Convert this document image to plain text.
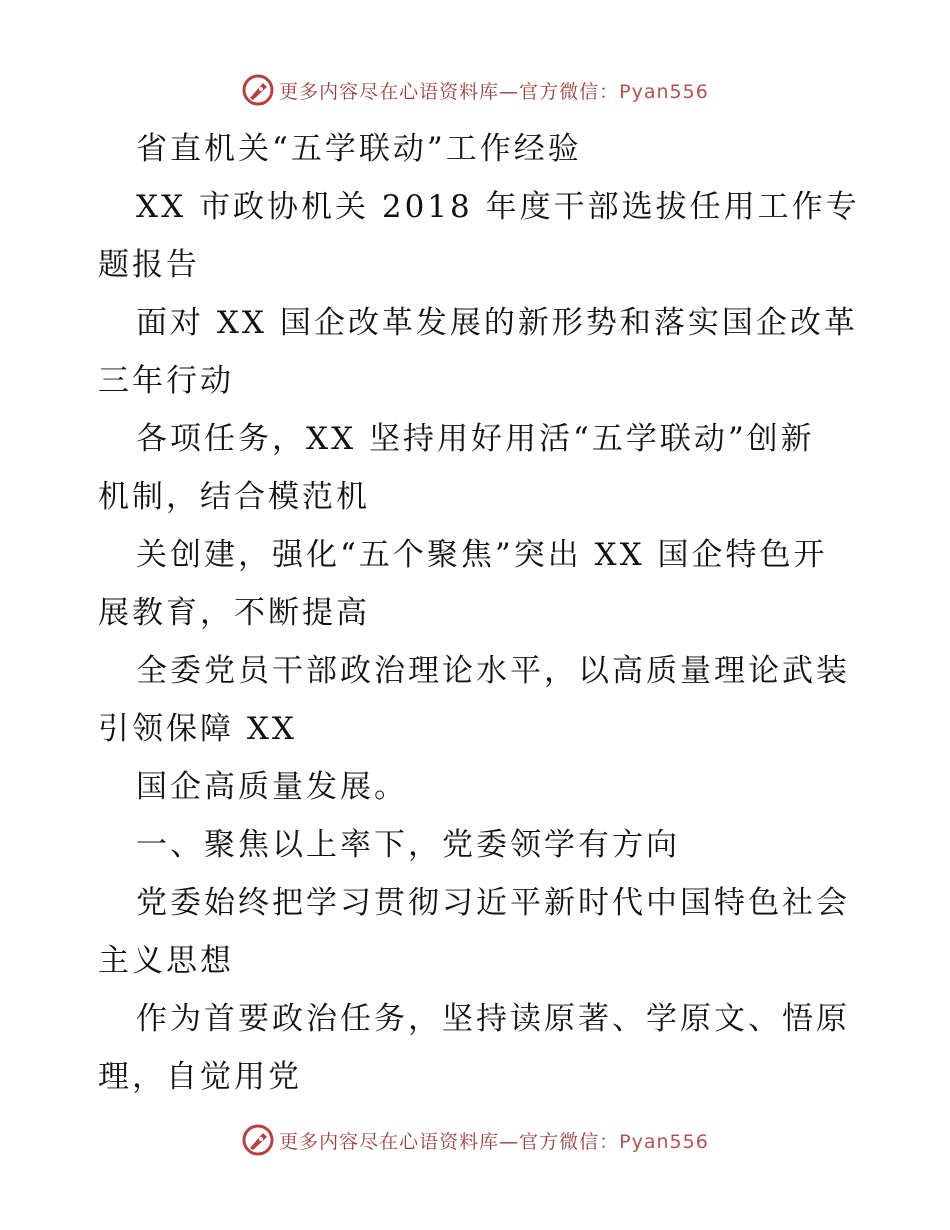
更多内容尽在心语资料库—官方微信：Pyan556
省直机关“五学联动”工作经验
XX 市政协机关 2018 年度干部选拔任用工作专
题报告
面对 XX 国企改革发展的新形势和落实国企改革
三年行动
各项任务，XX 坚持用好用活“五学联动”创新
机制，结合模范机
关创建，强化“五个聚焦”突出 XX 国企特色开
展教育，不断提高
全委党员干部政治理论水平，以高质量理论武装
引领保障 XX
国企高质量发展。
一、聚焦以上率下，党委领学有方向
党委始终把学习贯彻习近平新时代中国特色社会
主义思想
作为首要政治任务，坚持读原著、学原文、悟原
理，自觉用党
更多内容尽在心语资料库—官方微信：Pyan556
